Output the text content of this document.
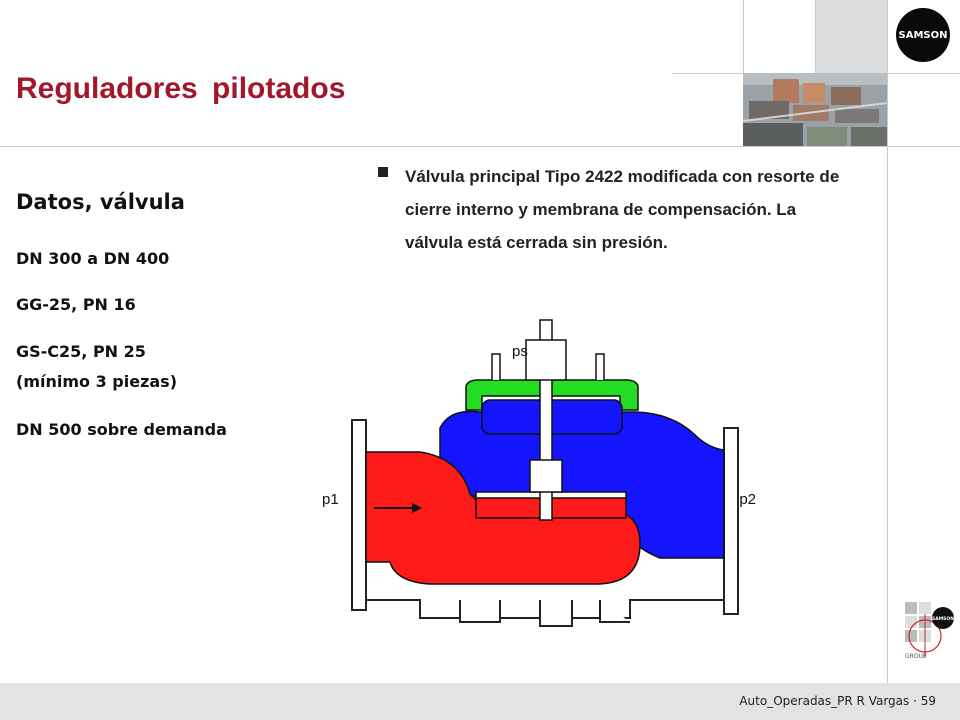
SAMSON
Reguladores pilotados
Datos, válvula
DN 300 a DN 400
GG-25, PN 16
GS-C25, PN 25
(mínimo 3 piezas)
DN 500 sobre demanda
Válvula principal Tipo 2422 modificada con resorte de cierre interno y membrana de compensación. La válvula está cerrada sin presión.
ps
p1	p2
SAMSON
GROUP
Auto_Operadas_PR R Vargas · 59
